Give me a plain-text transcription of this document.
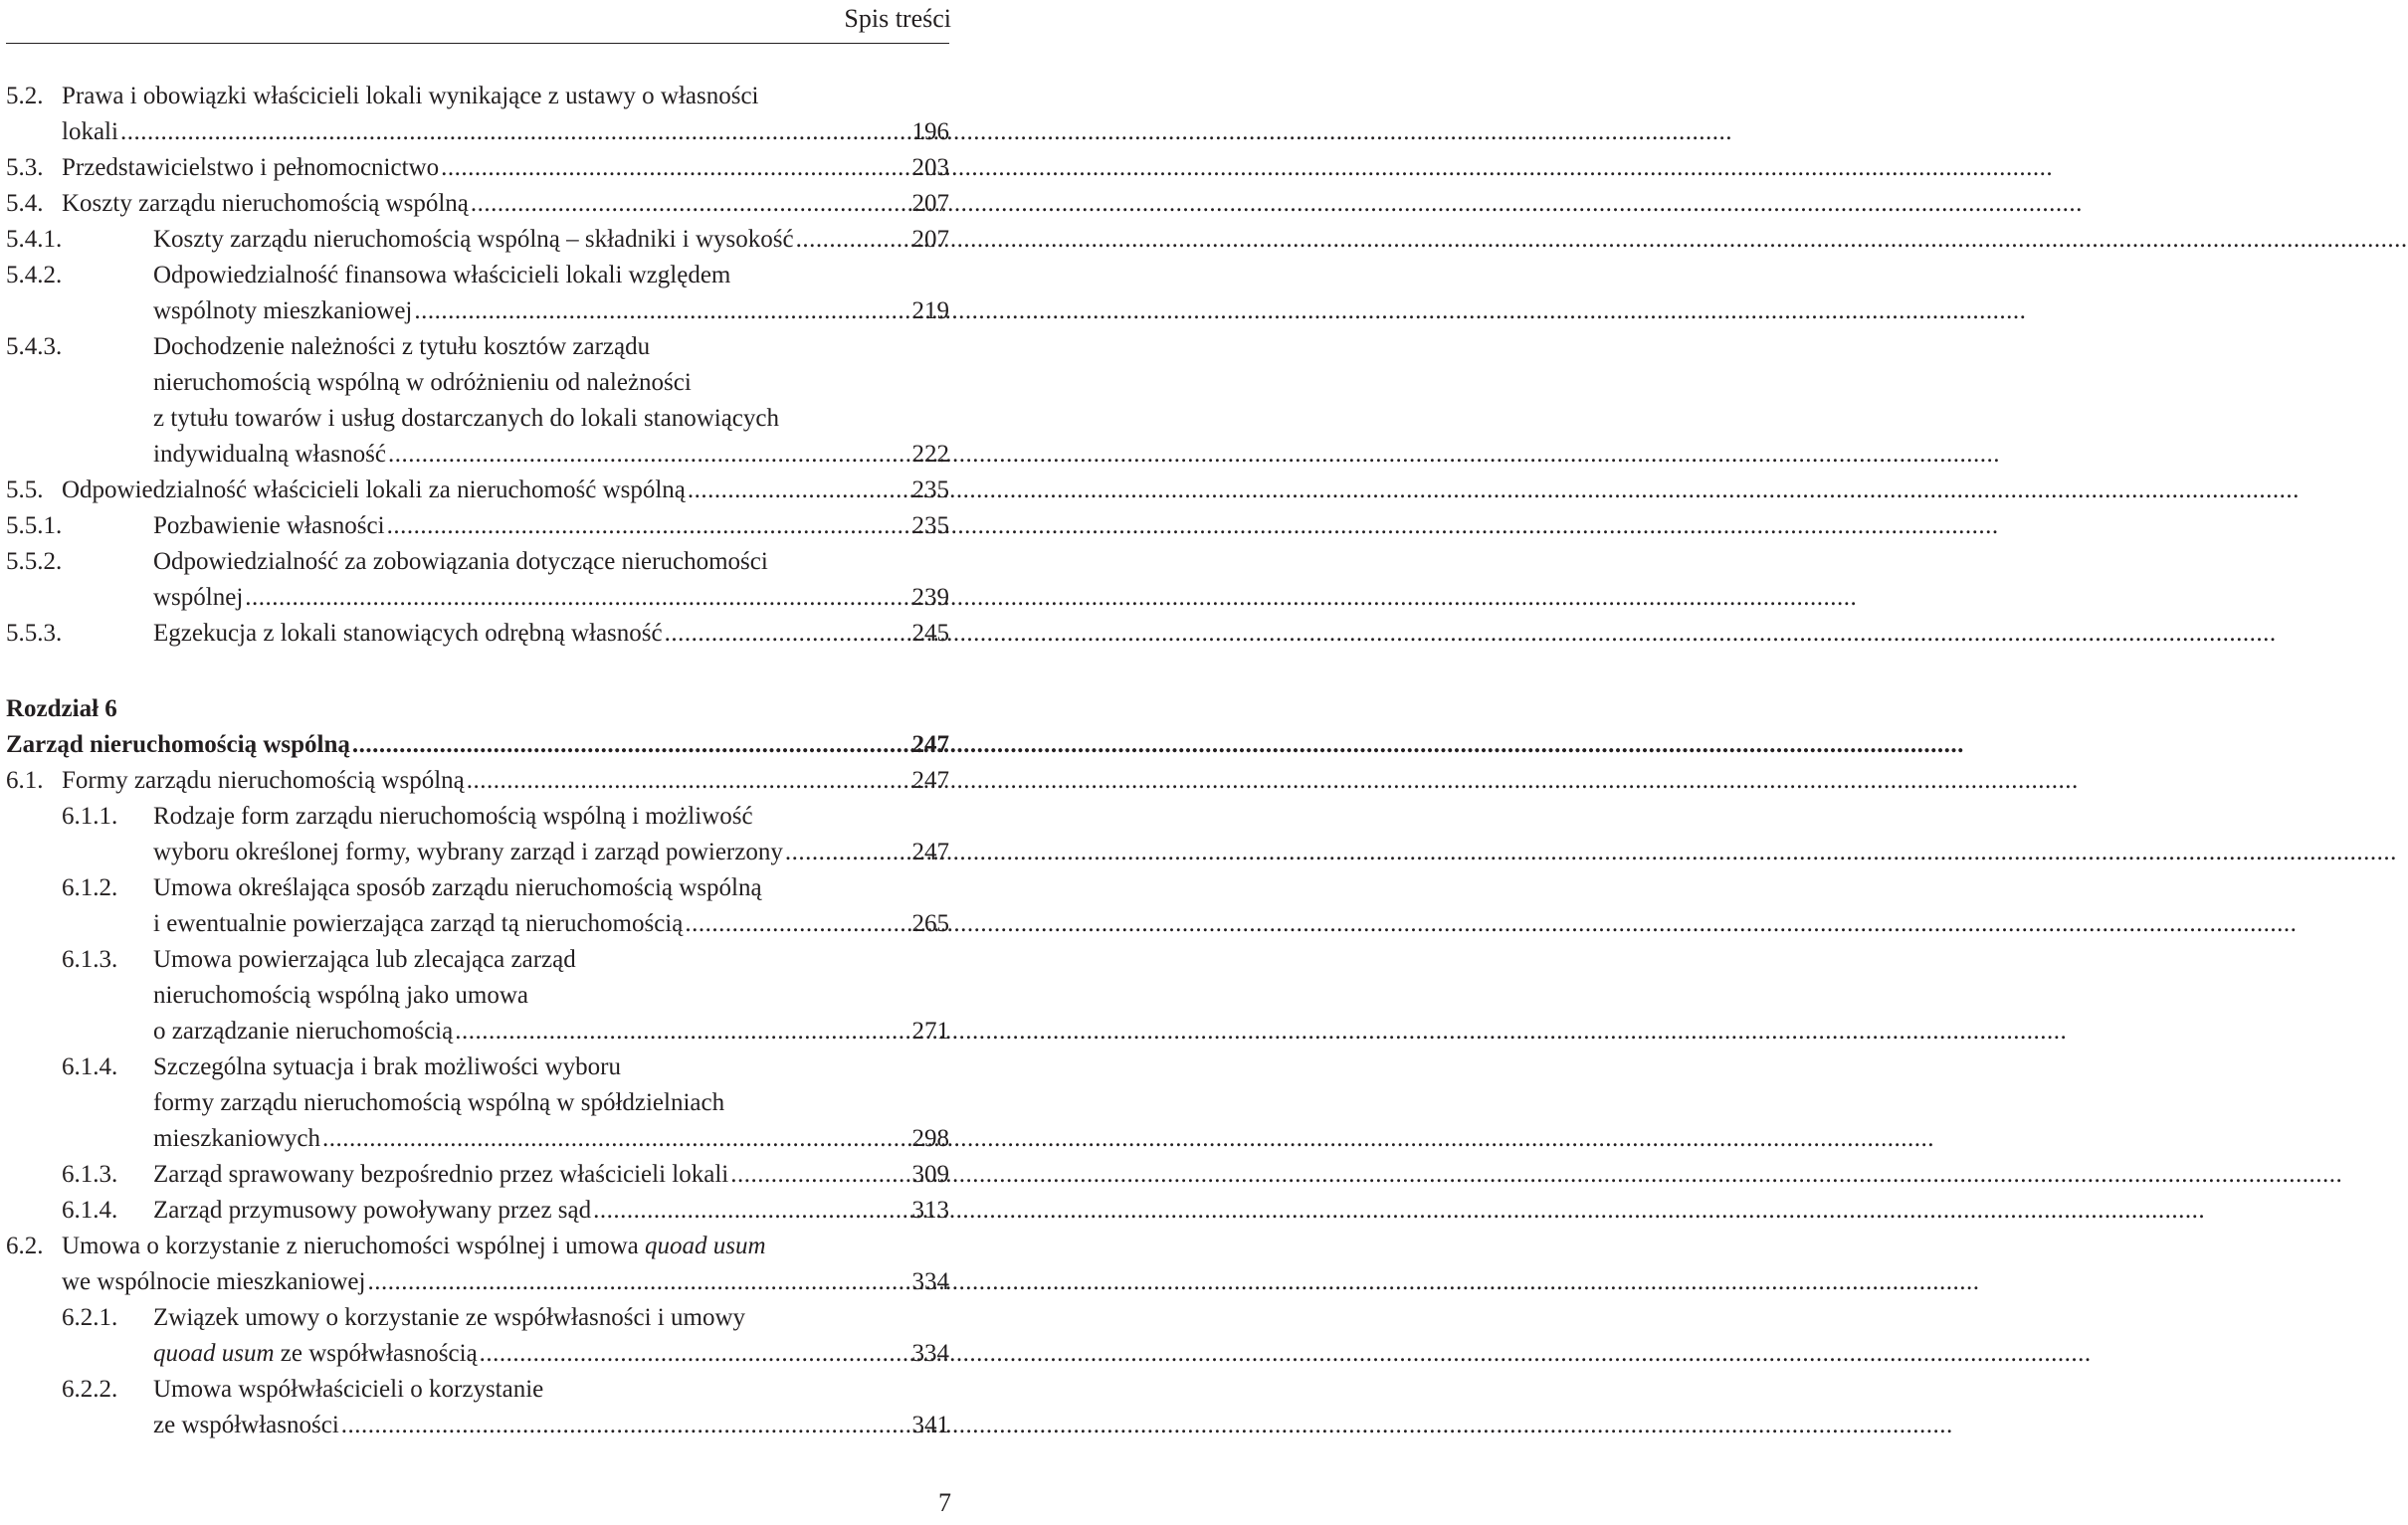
Spis treści
5.2. Prawa i obowiązki właścicieli lokali wynikające z ustawy o własności
lokali .....	196
5.3. Przedstawicielstwo i pełnomocnictwo .....	203
5.4. Koszty zarządu nieruchomością wspólną .....	207
5.4.1.	Koszty zarządu nieruchomością wspólną – składniki i wysokość .....	207
5.4.2.	Odpowiedzialność finansowa właścicieli lokali względem
wspólnoty mieszkaniowej .....	219
5.4.3.	Dochodzenie należności z tytułu kosztów zarządu
nieruchomością wspólną w odróżnieniu od należności
z tytułu towarów i usług dostarczanych do lokali stanowiących
indywidualną własność .....	222
5.5. Odpowiedzialność właścicieli lokali za nieruchomość wspólną .....	235
5.5.1.	Pozbawienie własności .....	235
5.5.2.	Odpowiedzialność za zobowiązania dotyczące nieruchomości
wspólnej .....	239
5.5.3.	Egzekucja z lokali stanowiących odrębną własność .....	245
Rozdział 6
Zarząd nieruchomością wspólną .....	247
6.1. Formy zarządu nieruchomością wspólną .....	247
6.1.1.	Rodzaje form zarządu nieruchomością wspólną i możliwość
wyboru określonej formy, wybrany zarząd i zarząd powierzony .....	247
6.1.2.	Umowa określająca sposób zarządu nieruchomością wspólną
i ewentualnie powierzająca zarząd tą nieruchomością .....	265
6.1.3.	Umowa powierzająca lub zlecająca zarząd
nieruchomością wspólną jako umowa
o zarządzanie nieruchomością .....	271
6.1.4.	Szczególna sytuacja i brak możliwości wyboru
formy zarządu nieruchomością wspólną w spółdzielniach
mieszkaniowych .....	298
6.1.3.	Zarząd sprawowany bezpośrednio przez właścicieli lokali .....	309
6.1.4.	Zarząd przymusowy powoływany przez sąd .....	313
6.2. Umowa o korzystanie z nieruchomości wspólnej i umowa quoad usum
we wspólnocie mieszkaniowej .....	334
6.2.1.	Związek umowy o korzystanie ze współwłasności i umowy
quoad usum ze współwłasnością .....	334
6.2.2.	Umowa współwłaścicieli o korzystanie
ze współwłasności .....	341
7
